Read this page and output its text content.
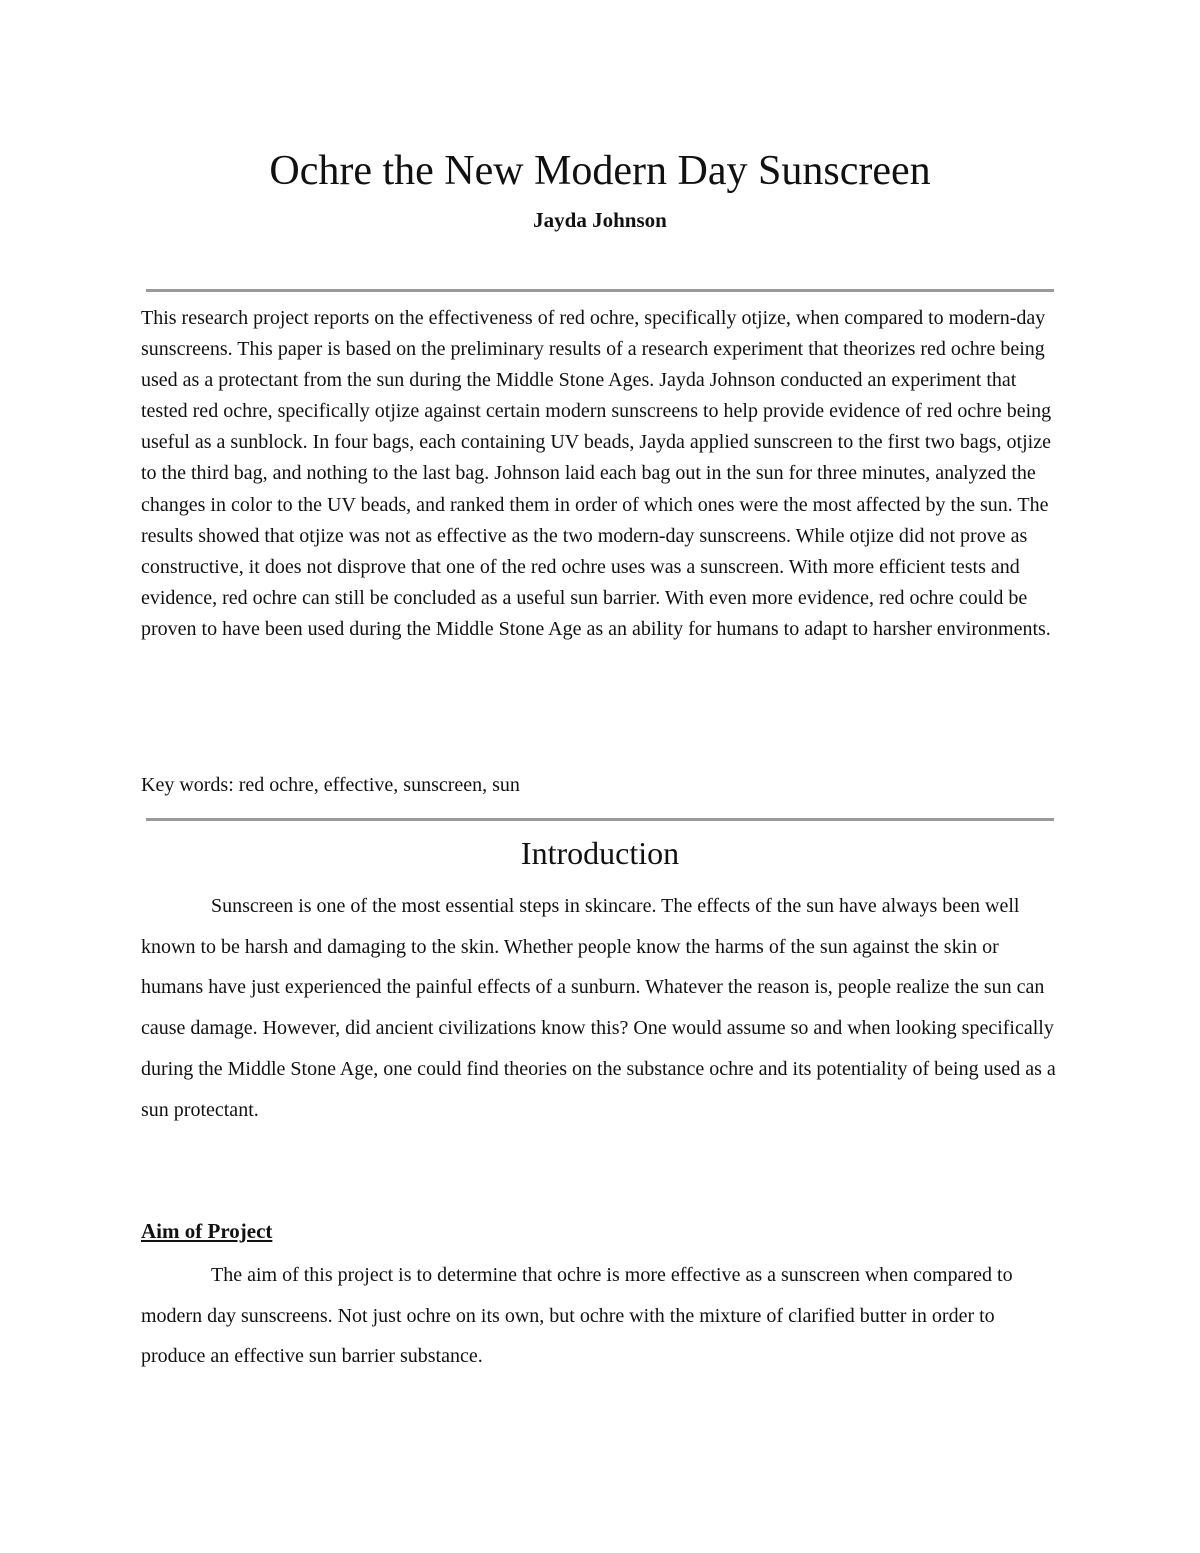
Ochre the New Modern Day Sunscreen
Jayda Johnson

This research project reports on the effectiveness of red ochre, specifically otjize, when compared to modern-day sunscreens. This paper is based on the preliminary results of a research experiment that theorizes red ochre being used as a protectant from the sun during the Middle Stone Ages. Jayda Johnson conducted an experiment that tested red ochre, specifically otjize against certain modern sunscreens to help provide evidence of red ochre being useful as a sunblock. In four bags, each containing UV beads, Jayda applied sunscreen to the first two bags, otjize to the third bag, and nothing to the last bag. Johnson laid each bag out in the sun for three minutes, analyzed the changes in color to the UV beads, and ranked them in order of which ones were the most affected by the sun. The results showed that otjize was not as effective as the two modern-day sunscreens. While otjize did not prove as constructive, it does not disprove that one of the red ochre uses was a sunscreen. With more efficient tests and evidence, red ochre can still be concluded as a useful sun barrier. With even more evidence, red ochre could be proven to have been used during the Middle Stone Age as an ability for humans to adapt to harsher environments.

Key words: red ochre, effective, sunscreen, sun

Introduction

Sunscreen is one of the most essential steps in skincare. The effects of the sun have always been well known to be harsh and damaging to the skin. Whether people know the harms of the sun against the skin or humans have just experienced the painful effects of a sunburn. Whatever the reason is, people realize the sun can cause damage. However, did ancient civilizations know this? One would assume so and when looking specifically during the Middle Stone Age, one could find theories on the substance ochre and its potentiality of being used as a sun protectant.

Aim of Project

The aim of this project is to determine that ochre is more effective as a sunscreen when compared to modern day sunscreens. Not just ochre on its own, but ochre with the mixture of clarified butter in order to produce an effective sun barrier substance.
